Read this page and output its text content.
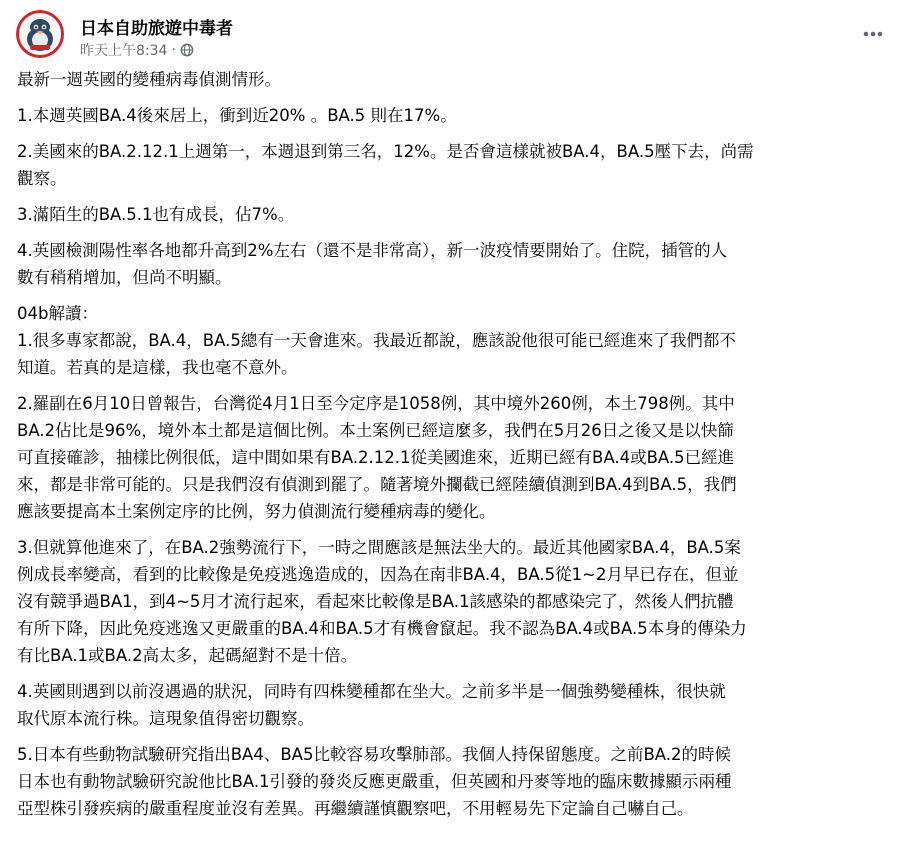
日本自助旅遊中毒者
昨天上午8:34 ·

最新一週英國的變種病毒偵測情形。

1.本週英國BA.4後來居上，衝到近20% 。BA.5 則在17%。

2.美國來的BA.2.12.1上週第一，本週退到第三名，12%。是否會這樣就被BA.4，BA.5壓下去，尚需
觀察。

3.滿陌生的BA.5.1也有成長，佔7%。

4.英國檢測陽性率各地都升高到2%左右（還不是非常高），新一波疫情要開始了。住院，插管的人
數有稍稍增加，但尚不明顯。

04b解讀：

1.很多專家都說，BA.4，BA.5總有一天會進來。我最近都說，應該說他很可能已經進來了我們都不
知道。若真的是這樣，我也毫不意外。

2.羅副在6月10日曾報告，台灣從4月1日至今定序是1058例，其中境外260例，本土798例。其中
BA.2佔比是96%，境外本土都是這個比例。本土案例已經這麼多，我們在5月26日之後又是以快篩
可直接確診，抽樣比例很低，這中間如果有BA.2.12.1從美國進來，近期已經有BA.4或BA.5已經進
來，都是非常可能的。只是我們沒有偵測到罷了。隨著境外攔截已經陸續偵測到BA.4到BA.5，我們
應該要提高本土案例定序的比例，努力偵測流行變種病毒的變化。

3.但就算他進來了，在BA.2強勢流行下，一時之間應該是無法坐大的。最近其他國家BA.4，BA.5案
例成長率變高，看到的比較像是免疫逃逸造成的，因為在南非BA.4，BA.5從1~2月早已存在，但並
沒有競爭過BA1，到4~5月才流行起來，看起來比較像是BA.1該感染的都感染完了，然後人們抗體
有所下降，因此免疫逃逸又更嚴重的BA.4和BA.5才有機會竄起。我不認為BA.4或BA.5本身的傳染力
有比BA.1或BA.2高太多，起碼絕對不是十倍。

4.英國則遇到以前沒遇過的狀況，同時有四株變種都在坐大。之前多半是一個強勢變種株，很快就
取代原本流行株。這現象值得密切觀察。

5.日本有些動物試驗研究指出BA4、BA5比較容易攻擊肺部。我個人持保留態度。之前BA.2的時候
日本也有動物試驗研究說他比BA.1引發的發炎反應更嚴重，但英國和丹麥等地的臨床數據顯示兩種
亞型株引發疾病的嚴重程度並沒有差異。再繼續謹慎觀察吧，不用輕易先下定論自己嚇自己。
